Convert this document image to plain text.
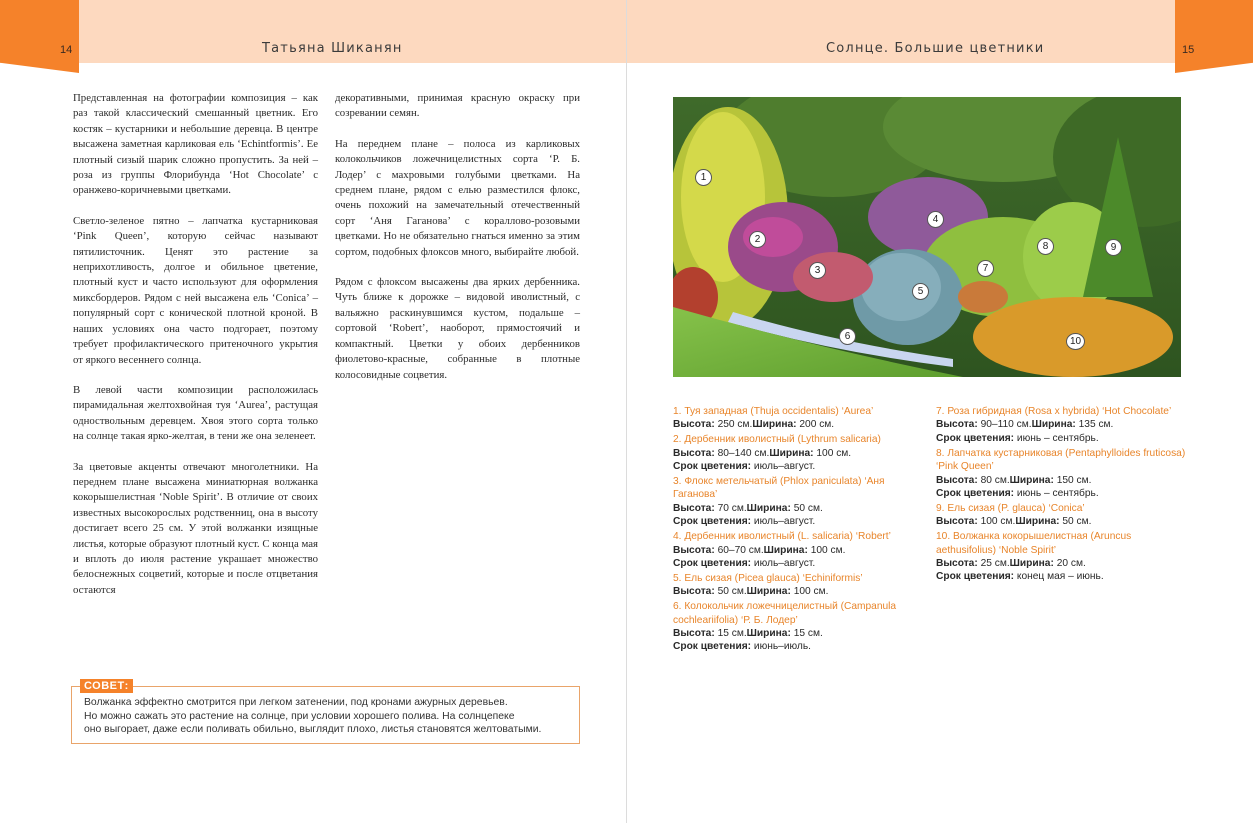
14	15
Татьяна Шиканян	Солнце. Большие цветники

Представленная на фотографии композиция – как раз такой классический смешанный цветник. Его костяк – кустарники и небольшие деревца. В центре высажена заметная карликовая ель ‘Echintformis’. Ее плотный сизый шарик сложно пропустить. За ней – роза из группы Флорибунда ‘Hot Chocolate’ с оранжево-коричневыми цветками.

Светло-зеленое пятно – лапчатка кустарниковая ‘Pink Queen’, которую сейчас называют пятилисточник. Ценят это растение за неприхотливость, долгое и обильное цветение, плотный куст и часто используют для оформления миксбордеров. Рядом с ней высажена ель ‘Conica’ – популярный сорт с конической плотной кроной. В наших условиях она часто подгорает, поэтому требует профилактического притеночного укрытия от яркого весеннего солнца.

В левой части композиции расположилась пирамидальная желтохвойная туя ‘Aurea’, растущая одноствольным деревцем. Хвоя этого сорта только на солнце такая ярко-желтая, в тени же она зеленеет.

За цветовые акценты отвечают многолетники. На переднем плане высажена миниатюрная волжанка кокорышелистная ‘Noble Spirit’. В отличие от своих известных высокорослых родственниц, она в высоту достигает всего 25 см. У этой волжанки изящные листья, которые образуют плотный куст. С конца мая и вплоть до июля растение украшает множество белоснежных соцветий, которые и после отцветания остаются

декоративными, принимая красную окраску при созревании семян.

На переднем плане – полоса из карликовых колокольчиков ложечницелистных сорта ‘Р. Б. Лодер’ с махровыми голубыми цветками. На среднем плане, рядом с елью разместился флокс, очень похожий на замечательный отечественный сорт ‘Аня Гаганова’ с кораллово-розовыми цветками. Но не обязательно гнаться именно за этим сортом, подобных флоксов много, выбирайте любой.

Рядом с флоксом высажены два ярких дербенника. Чуть ближе к дорожке – видовой иволистный, с вальяжно раскинувшимся кустом, подальше – сортовой ‘Robert’, наоборот, прямостоячий и компактный. Цветки у обоих дербенников фиолетово-красные, собранные в плотные колосовидные соцветия.

СОВЕТ:
Волжанка эффектно смотрится при легком затенении, под кронами ажурных деревьев.
Но можно сажать это растение на солнце, при условии хорошего полива. На солнцепеке
оно выгорает, даже если поливать обильно, выглядит плохо, листья становятся желтоватыми.
1
2
3
4
5
6
7
8	9
10
1. Туя западная (Thuja occidentalis) ‘Aurea’
Высота: 250 см.Ширина: 200 см.
2. Дербенник иволистный (Lythrum salicaria)
Высота: 80–140 см.Ширина: 100 см.
Срок цветения: июль–август.
3. Флокс метельчатый (Phlox paniculata) ‘Аня Гаганова’
Высота: 70 см.Ширина: 50 см.
Срок цветения: июль–август.
4. Дербенник иволистный (L. salicaria) ‘Robert’
Высота: 60–70 см.Ширина: 100 см.
Срок цветения: июль–август.
5. Ель сизая (Picea glauca) ‘Echiniformis’
Высота: 50 см.Ширина: 100 см.
6. Колокольчик ложечницелистный (Campanula cochleariifolia) ‘Р. Б. Лодер’
Высота: 15 см.Ширина: 15 см.
Срок цветения: июнь–июль.
7. Роза гибридная (Rosa x hybrida) ‘Hot Chocolate’
Высота: 90–110 см.Ширина: 135 см.
Срок цветения: июнь – сентябрь.
8. Лапчатка кустарниковая (Pentaphylloides fruticosa) ‘Pink Queen’
Высота: 80 см.Ширина: 150 см.
Срок цветения: июнь – сентябрь.
9. Ель сизая (P. glauca) ‘Conica’
Высота: 100 см.Ширина: 50 см.
10. Волжанка кокорышелистная (Aruncus aethusifolius) ‘Noble Spirit’
Высота: 25 см.Ширина: 20 см.
Срок цветения: конец мая – июнь.
